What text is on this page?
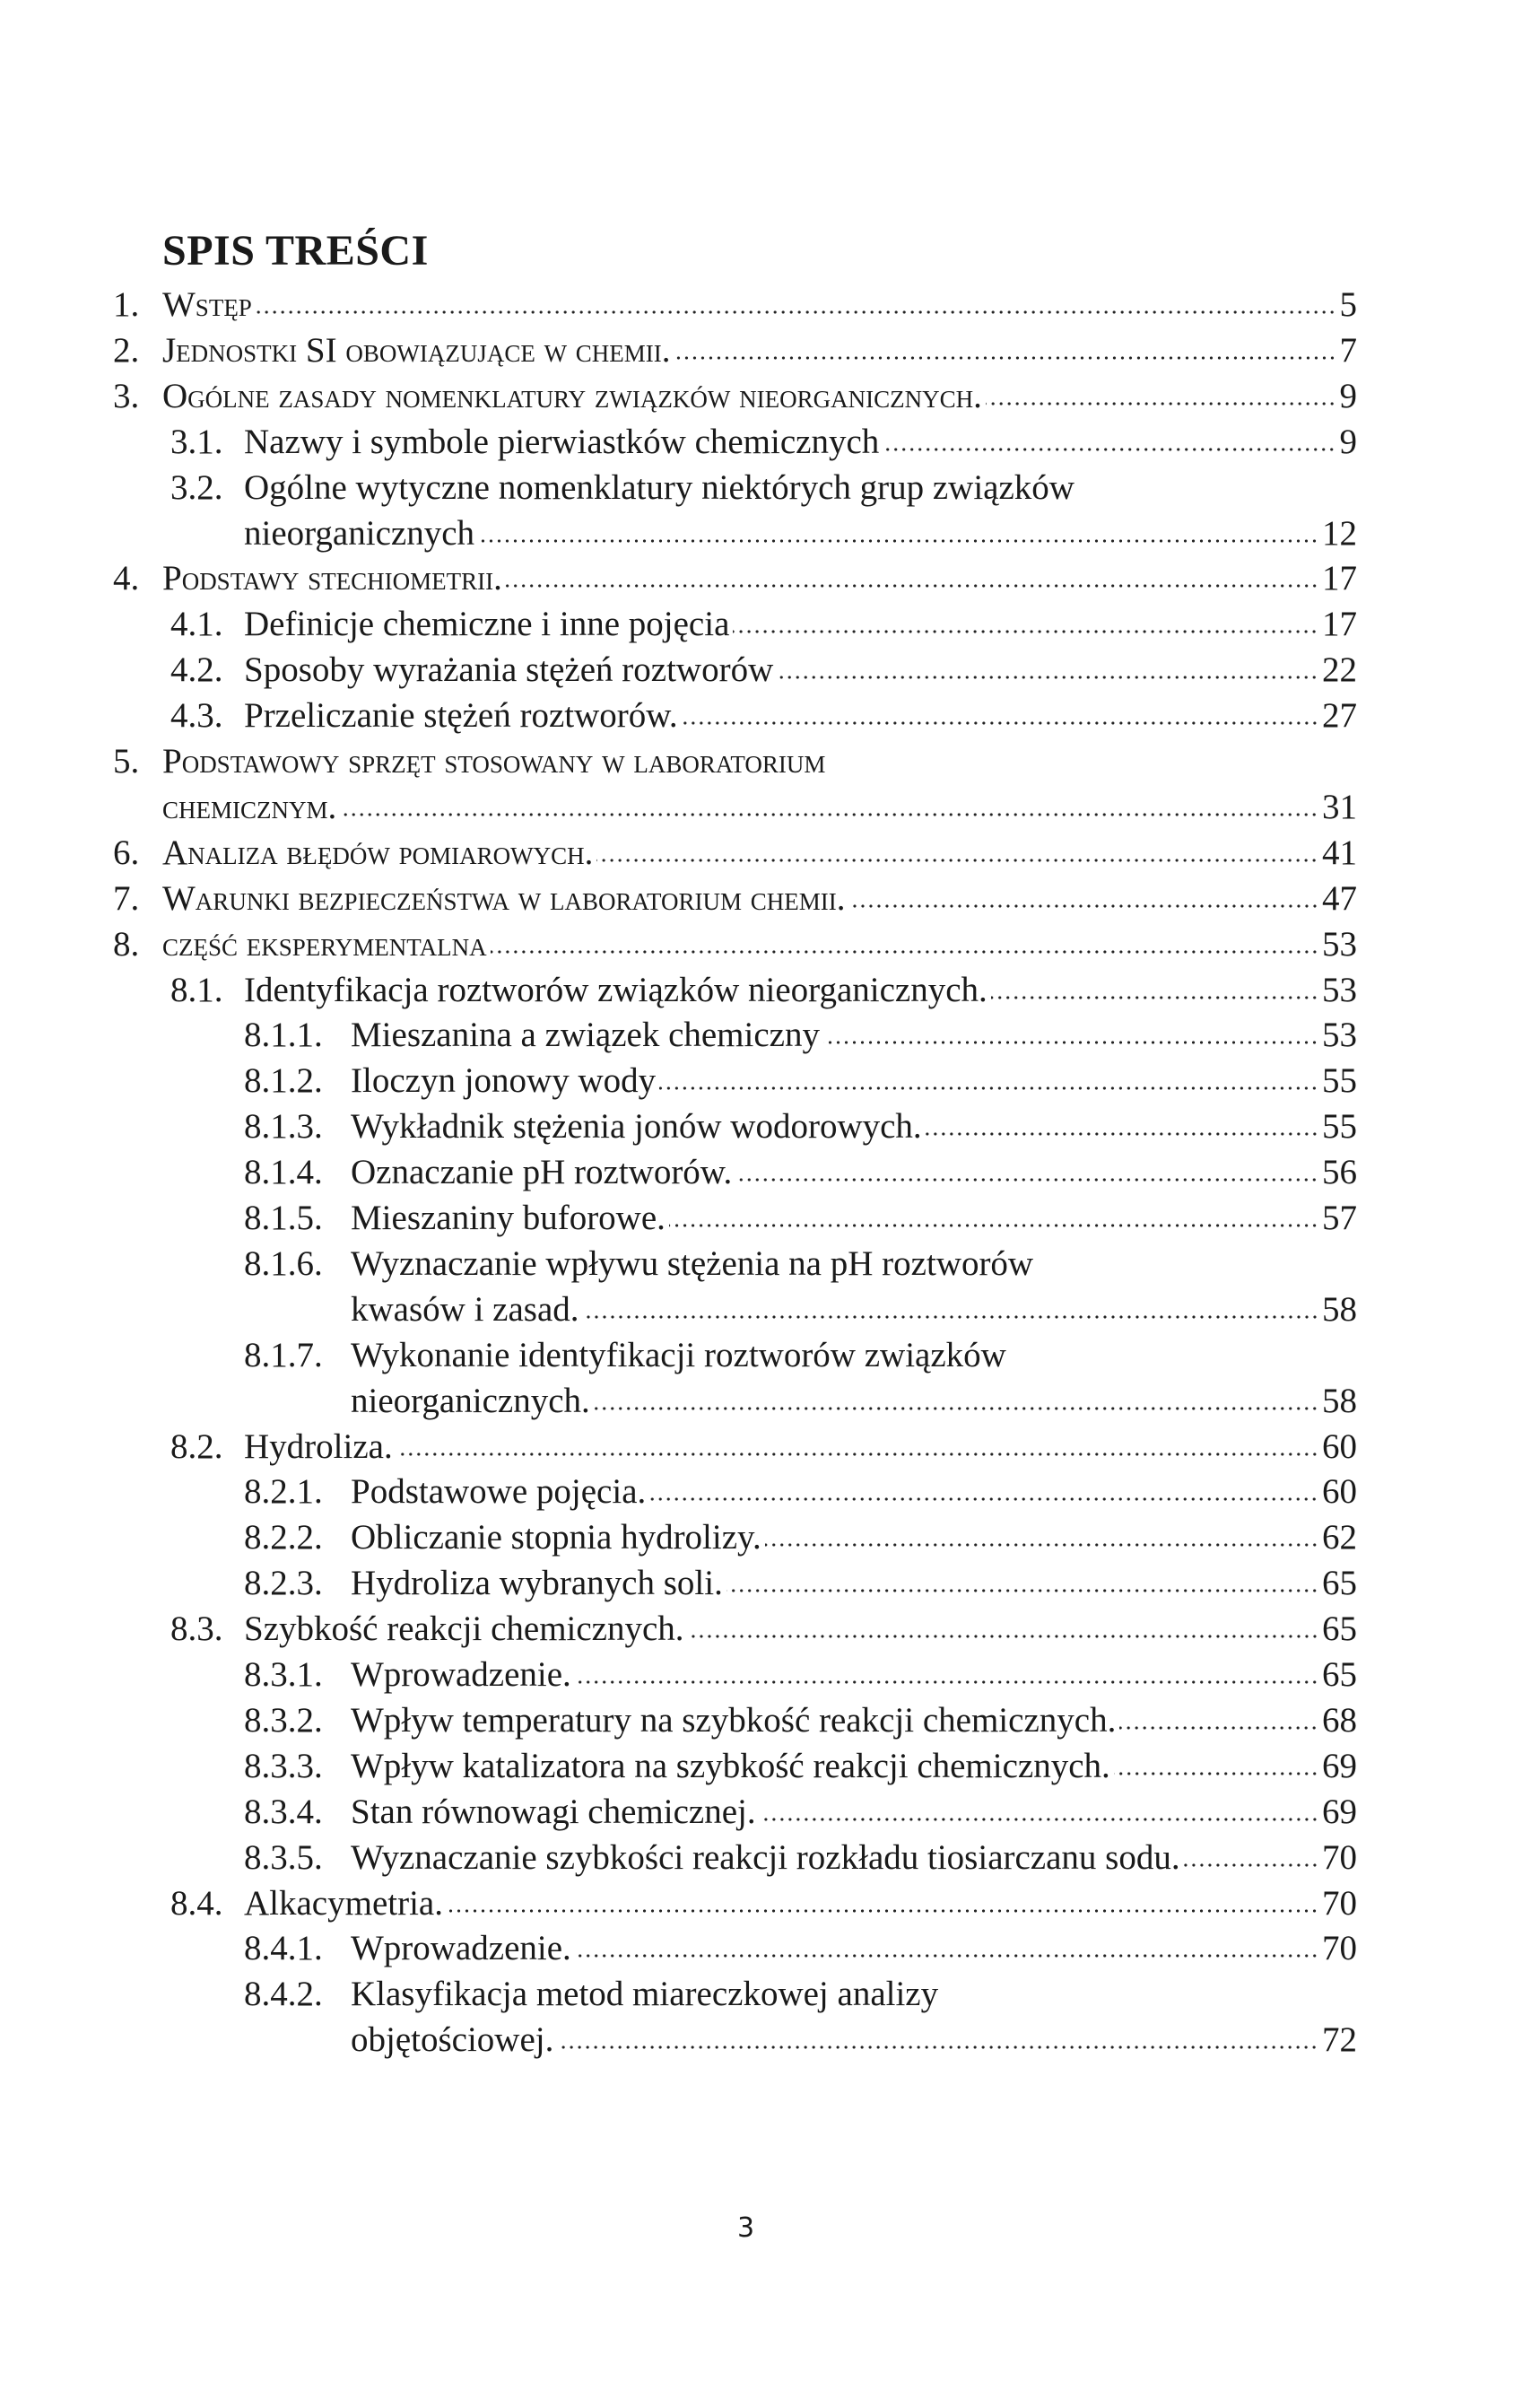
SPIS TREŚCI
1. Wstęp	5
2. Jednostki SI obowiązujące w chemii.	7
3. Ogólne zasady nomenklatury związków nieorganicznych.	9
3.1. Nazwy i symbole pierwiastków chemicznych	9
3.2. Ogólne wytyczne nomenklatury niektórych grup związków
nieorganicznych	12
4. Podstawy stechiometrii.	17
4.1. Definicje chemiczne i inne pojęcia	17
4.2. Sposoby wyrażania stężeń roztworów	22
4.3. Przeliczanie stężeń roztworów.	27
5. Podstawowy sprzęt stosowany w laboratorium
chemicznym.	31
6. Analiza błędów pomiarowych.	41
7. Warunki bezpieczeństwa w laboratorium chemii.	47
8. część eksperymentalna	53
8.1. Identyfikacja roztworów związków nieorganicznych.	53
8.1.1. Mieszanina a związek chemiczny	53
8.1.2. Iloczyn jonowy wody	55
8.1.3. Wykładnik stężenia jonów wodorowych.	55
8.1.4. Oznaczanie pH roztworów.	56
8.1.5. Mieszaniny buforowe.	57
8.1.6. Wyznaczanie wpływu stężenia na pH roztworów
kwasów i zasad.	58
8.1.7. Wykonanie identyfikacji roztworów związków
nieorganicznych.	58
8.2. Hydroliza.	60
8.2.1. Podstawowe pojęcia.	60
8.2.2. Obliczanie stopnia hydrolizy.	62
8.2.3. Hydroliza wybranych soli.	65
8.3. Szybkość reakcji chemicznych.	65
8.3.1. Wprowadzenie.	65
8.3.2. Wpływ temperatury na szybkość reakcji chemicznych.	68
8.3.3. Wpływ katalizatora na szybkość reakcji chemicznych.	69
8.3.4. Stan równowagi chemicznej.	69
8.3.5. Wyznaczanie szybkości reakcji rozkładu tiosiarczanu sodu.	70
8.4. Alkacymetria.	70
8.4.1. Wprowadzenie.	70
8.4.2. Klasyfikacja metod miareczkowej analizy
objętościowej.	72
3
